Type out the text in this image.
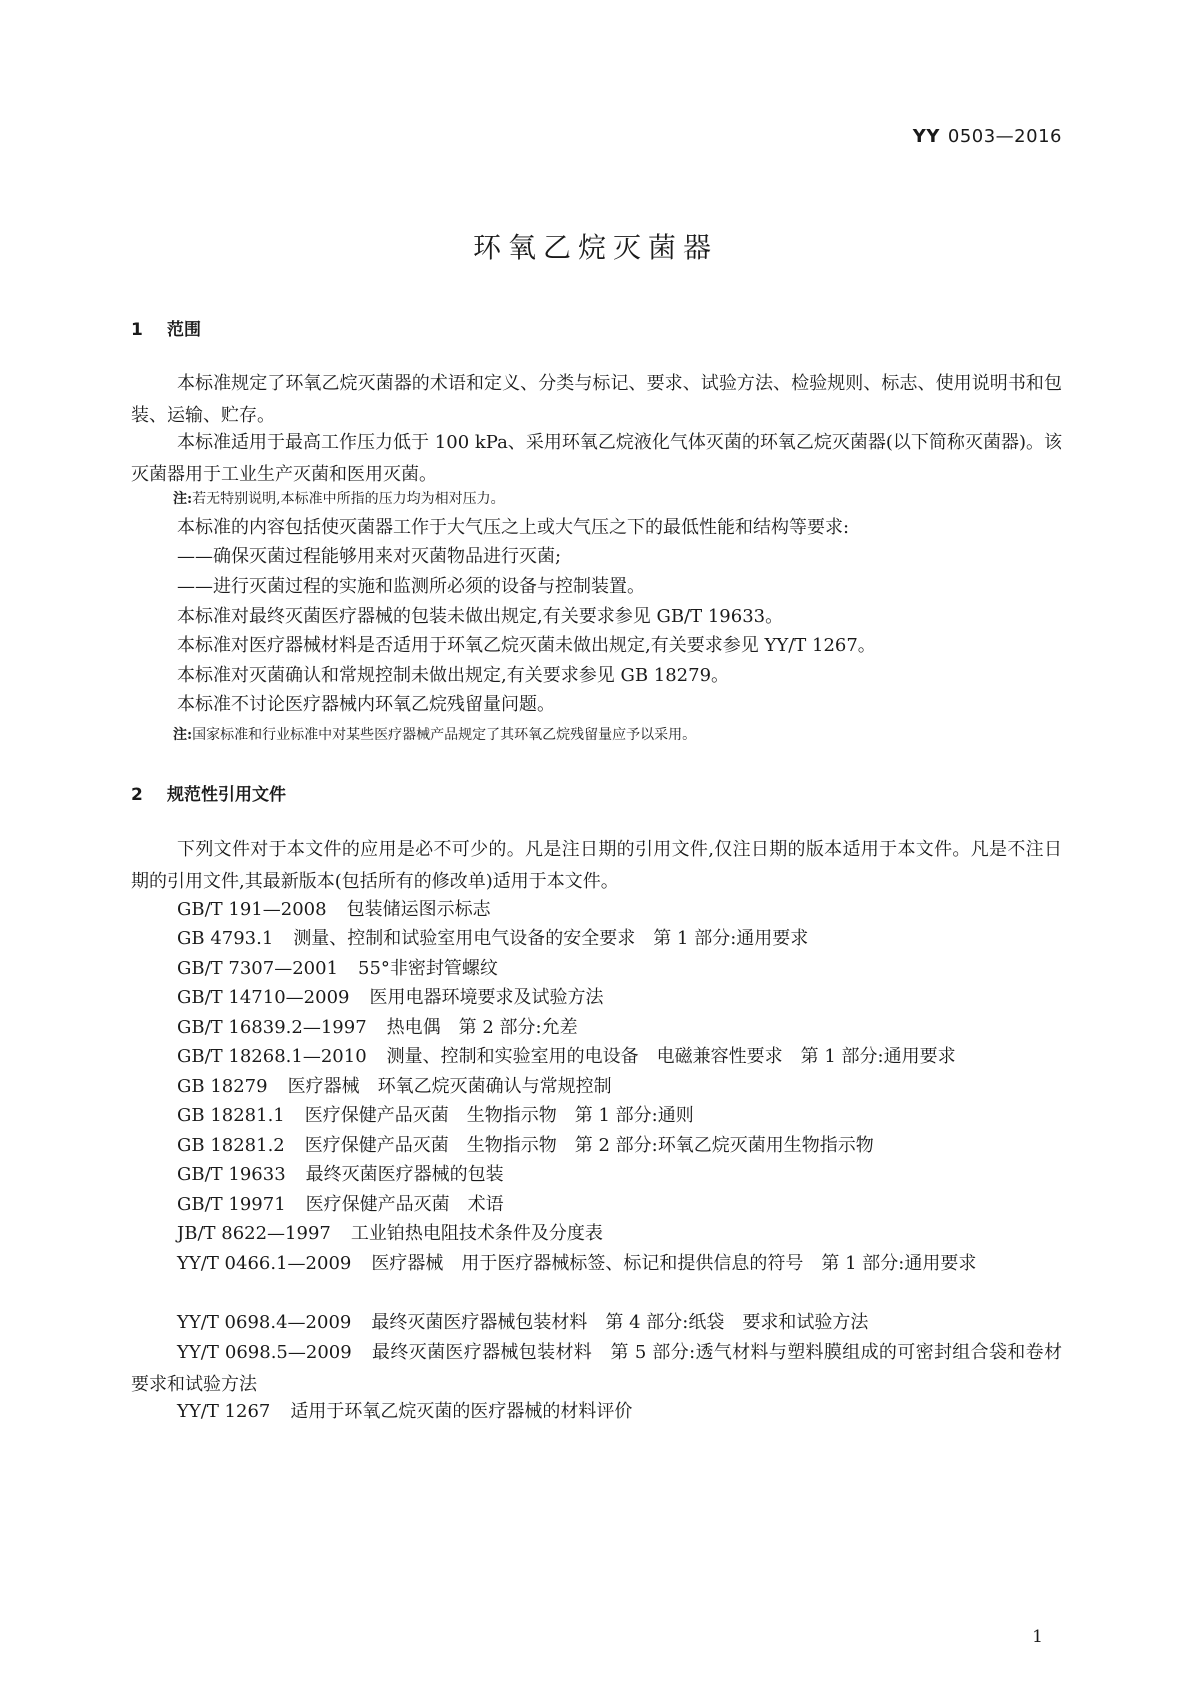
YY 0503—2016
环氧乙烷灭菌器
1 范围
本标准规定了环氧乙烷灭菌器的术语和定义、分类与标记、要求、试验方法、检验规则、标志、使用说明书和包装、运输、贮存。
本标准适用于最高工作压力低于 100 kPa、采用环氧乙烷液化气体灭菌的环氧乙烷灭菌器(以下简称灭菌器)。该灭菌器用于工业生产灭菌和医用灭菌。
注:若无特别说明,本标准中所指的压力均为相对压力。
本标准的内容包括使灭菌器工作于大气压之上或大气压之下的最低性能和结构等要求:
——确保灭菌过程能够用来对灭菌物品进行灭菌;
——进行灭菌过程的实施和监测所必须的设备与控制装置。
本标准对最终灭菌医疗器械的包装未做出规定,有关要求参见 GB/T 19633。
本标准对医疗器械材料是否适用于环氧乙烷灭菌未做出规定,有关要求参见 YY/T 1267。
本标准对灭菌确认和常规控制未做出规定,有关要求参见 GB 18279。
本标准不讨论医疗器械内环氧乙烷残留量问题。
注:国家标准和行业标准中对某些医疗器械产品规定了其环氧乙烷残留量应予以采用。
2 规范性引用文件
下列文件对于本文件的应用是必不可少的。凡是注日期的引用文件,仅注日期的版本适用于本文件。凡是不注日期的引用文件,其最新版本(包括所有的修改单)适用于本文件。
GB/T 191—2008 包装储运图示标志
GB 4793.1 测量、控制和试验室用电气设备的安全要求　第 1 部分:通用要求
GB/T 7307—2001 55°非密封管螺纹
GB/T 14710—2009 医用电器环境要求及试验方法
GB/T 16839.2—1997 热电偶　第 2 部分:允差
GB/T 18268.1—2010 测量、控制和实验室用的电设备　电磁兼容性要求　第 1 部分:通用要求
GB 18279 医疗器械　环氧乙烷灭菌确认与常规控制
GB 18281.1 医疗保健产品灭菌　生物指示物　第 1 部分:通则
GB 18281.2 医疗保健产品灭菌　生物指示物　第 2 部分:环氧乙烷灭菌用生物指示物
GB/T 19633 最终灭菌医疗器械的包装
GB/T 19971 医疗保健产品灭菌　术语
JB/T 8622—1997 工业铂热电阻技术条件及分度表
YY/T 0466.1—2009 医疗器械　用于医疗器械标签、标记和提供信息的符号　第 1 部分:通用要求
YY/T 0698.4—2009 最终灭菌医疗器械包装材料　第 4 部分:纸袋　要求和试验方法
YY/T 0698.5—2009 最终灭菌医疗器械包装材料　第 5 部分:透气材料与塑料膜组成的可密封组合袋和卷材　要求和试验方法
YY/T 1267 适用于环氧乙烷灭菌的医疗器械的材料评价
1
